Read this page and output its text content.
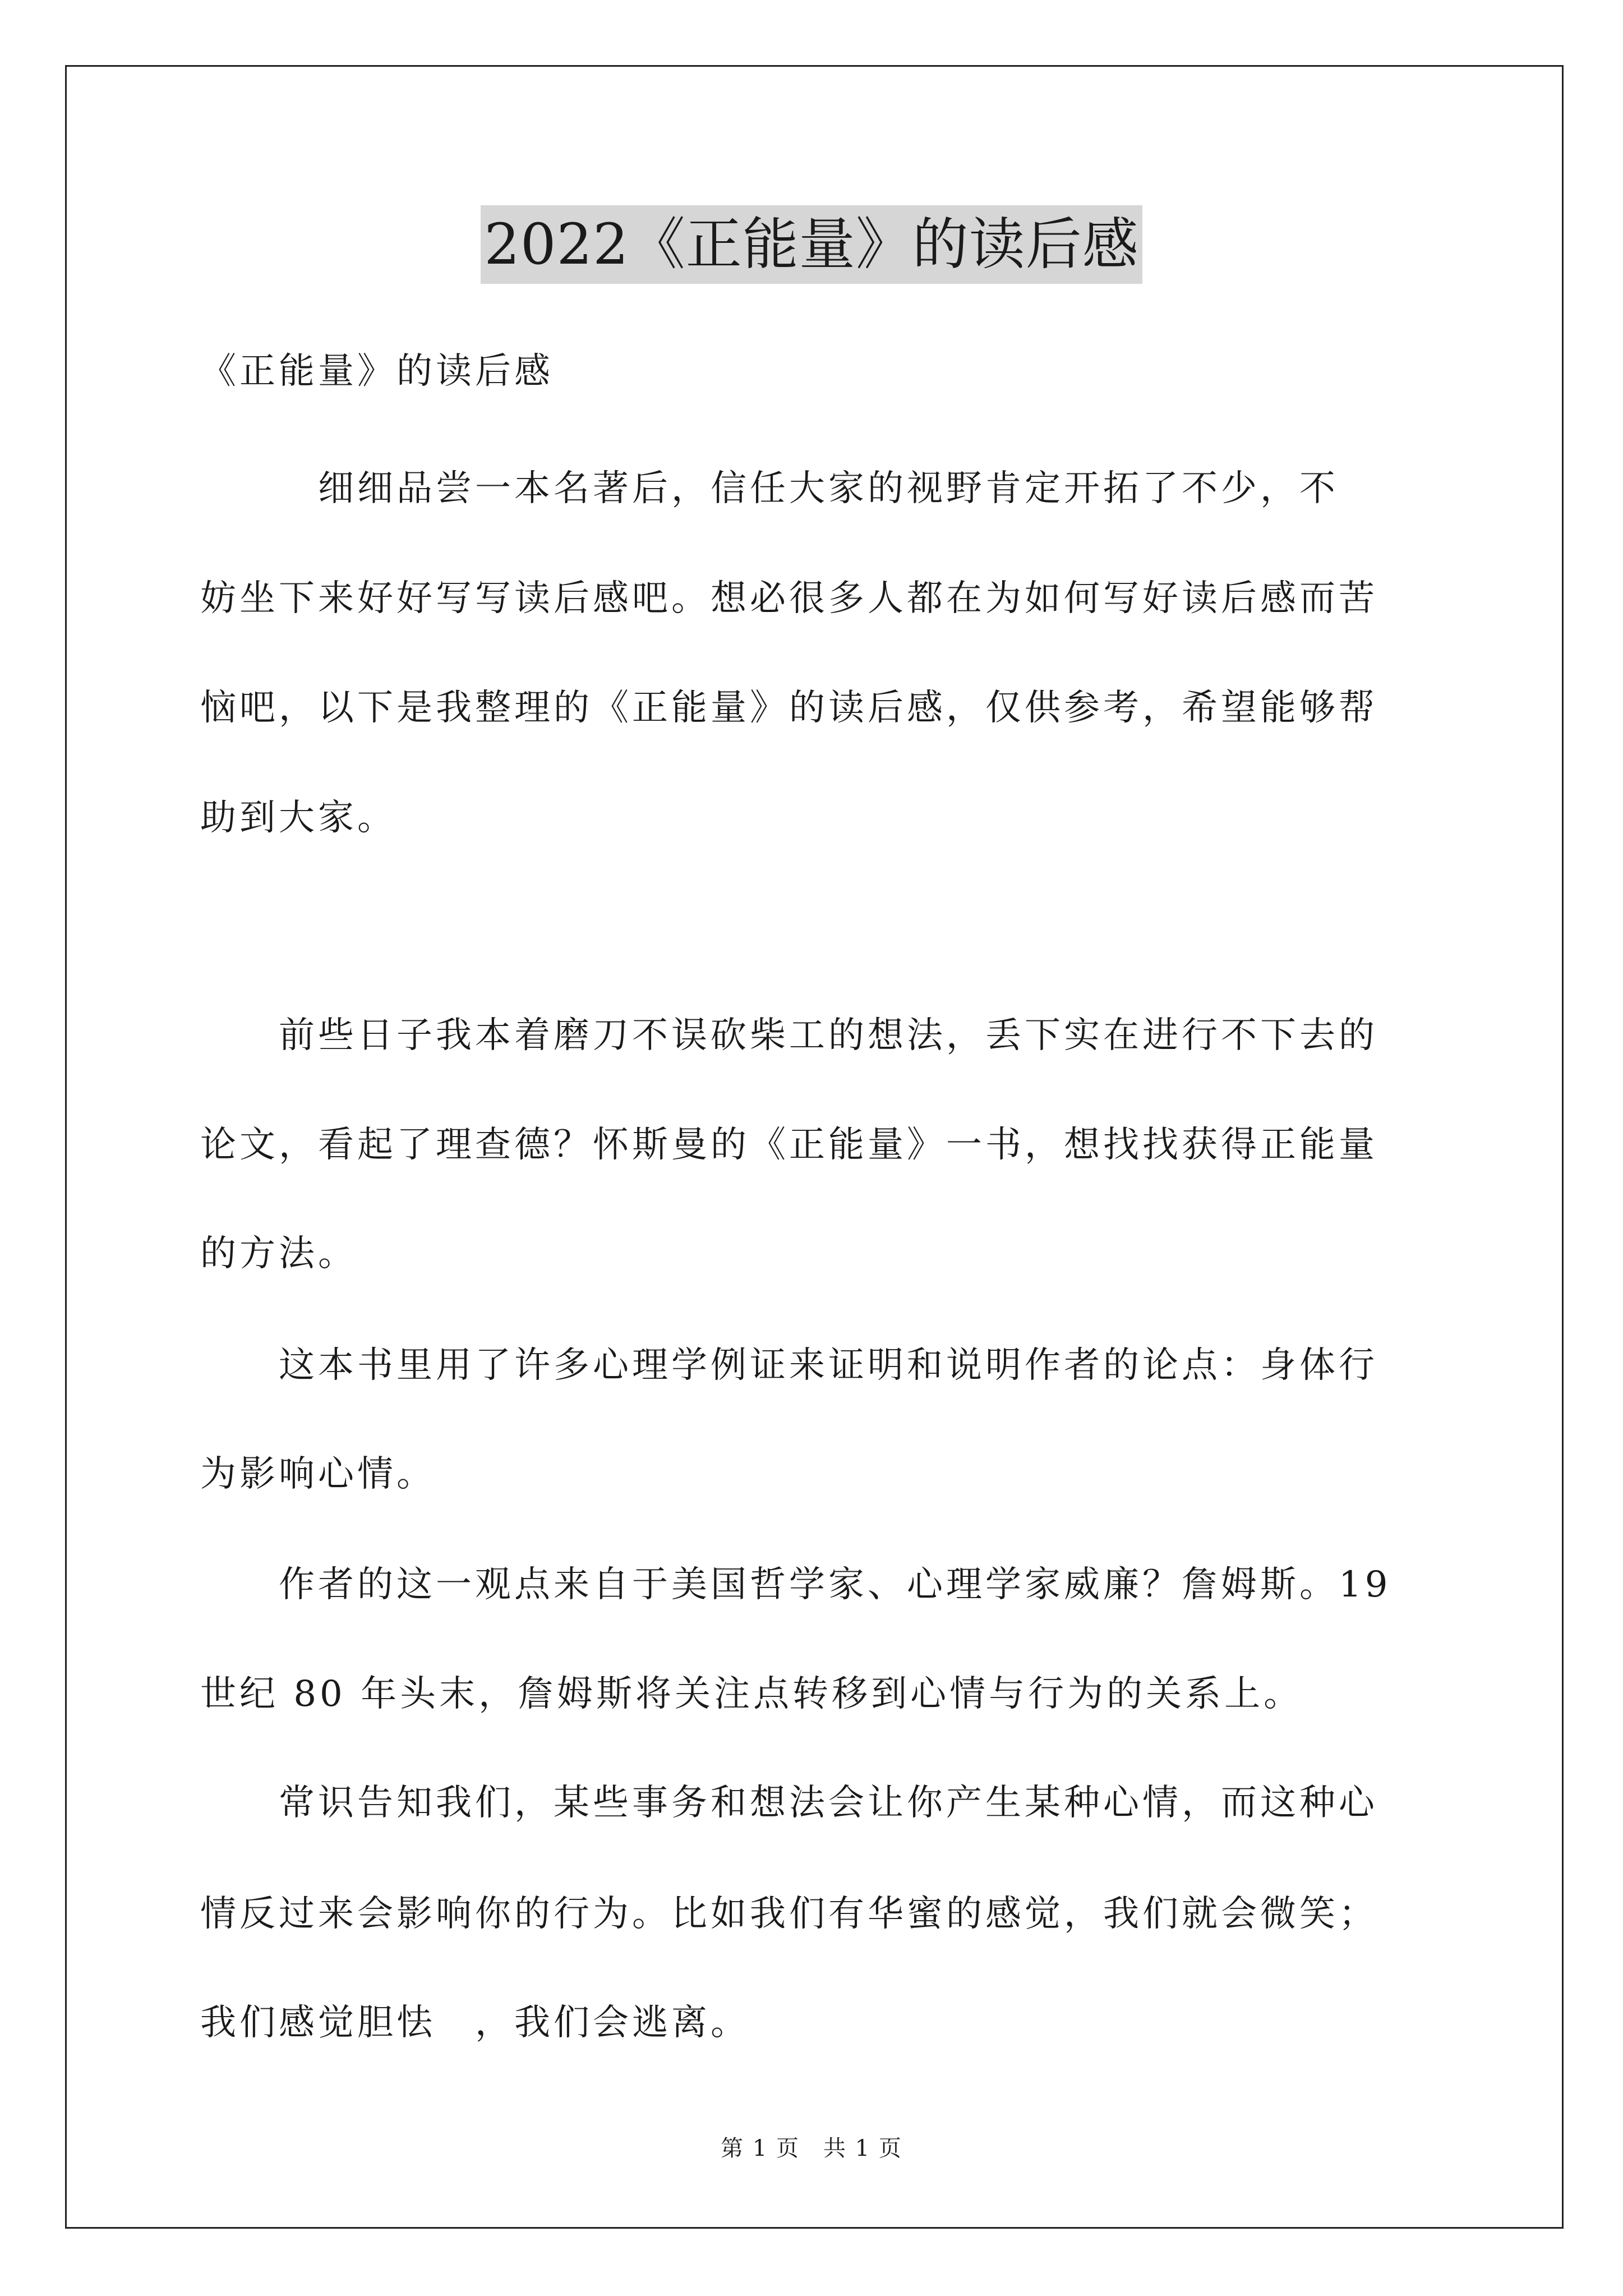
2022《正能量》的读后感
《正能量》的读后感
　　　细细品尝一本名著后，信任大家的视野肯定开拓了不少，不
妨坐下来好好写写读后感吧。想必很多人都在为如何写好读后感而苦
恼吧，以下是我整理的《正能量》的读后感，仅供参考，希望能够帮
助到大家。
　　前些日子我本着磨刀不误砍柴工的想法，丢下实在进行不下去的
论文，看起了理查德？怀斯曼的《正能量》一书，想找找获得正能量
的方法。
　　这本书里用了许多心理学例证来证明和说明作者的论点：身体行
为影响心情。
　　作者的这一观点来自于美国哲学家、心理学家威廉？詹姆斯。19
世纪 80 年头末，詹姆斯将关注点转移到心情与行为的关系上。
　　常识告知我们，某些事务和想法会让你产生某种心情，而这种心
情反过来会影响你的行为。比如我们有华蜜的感觉，我们就会微笑；
我们感觉胆怯　，我们会逃离。
第 1 页　共 1 页
